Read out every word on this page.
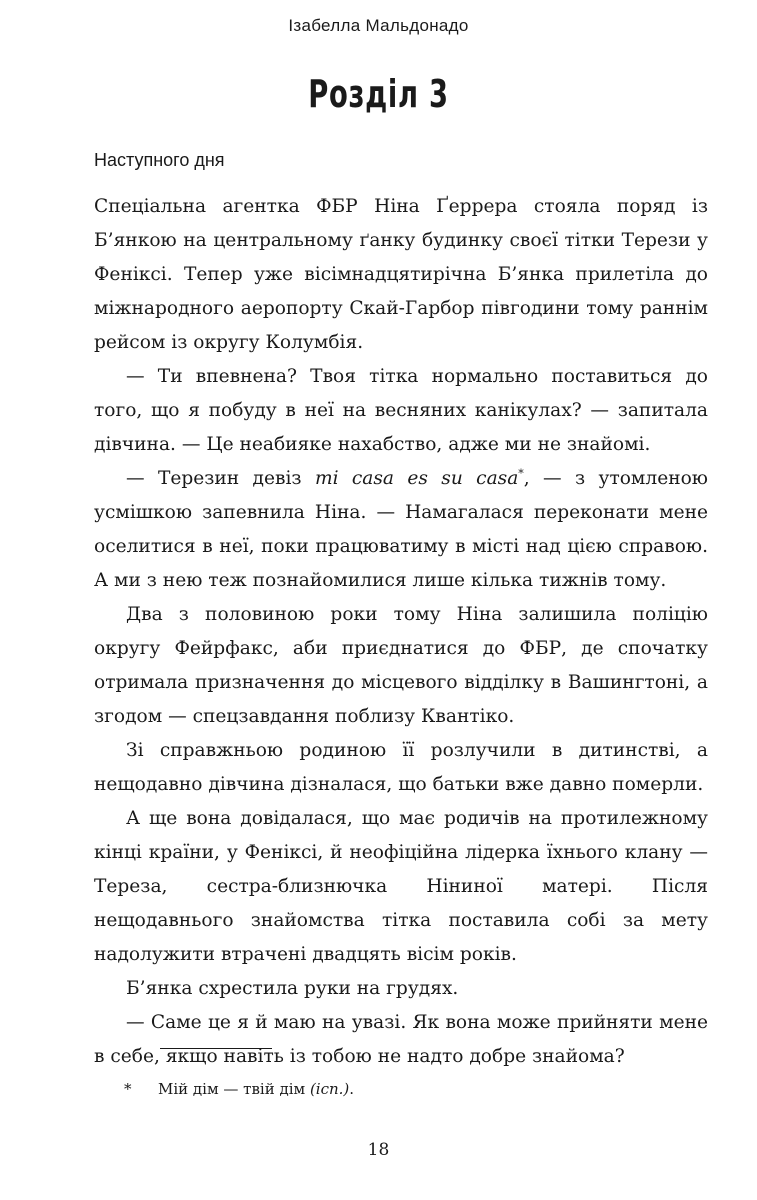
Ізабелла Мальдонадо
Розділ 3
Наступного дня

Спеціальна агентка ФБР Ніна Ґеррера стояла поряд із Б’янкою на центральному ґанку будинку своєї тітки Терези у Феніксі. Тепер уже вісімнадцятирічна Б’янка прилетіла до міжнародного аеропорту Скай-Гарбор півгодини тому раннім рейсом із округу Колумбія.

— Ти впевнена? Твоя тітка нормально поставиться до того, що я побуду в неї на весняних канікулах? — запитала дівчина. — Це неабияке нахабство, адже ми не знайомі.

— Терезин девіз mi casa es su casa*, — з утомленою усмішкою запевнила Ніна. — Намагалася переконати мене оселитися в неї, поки працюватиму в місті над цією справою. А ми з нею теж познайомилися лише кілька тижнів тому.

Два з половиною роки тому Ніна залишила поліцію округу Фейрфакс, аби приєднатися до ФБР, де спочатку отримала призначення до місцевого відділку в Вашингтоні, а згодом — спецзавдання поблизу Квантіко.

Зі справжньою родиною її розлучили в дитинстві, а нещодавно дівчина дізналася, що батьки вже давно померли.

А ще вона довідалася, що має родичів на протилежному кінці країни, у Феніксі, й неофіційна лідерка їхнього клану — Тереза, сестра-близнючка Ніниної матері. Після нещодавнього знайомства тітка поставила собі за мету надолужити втрачені двадцять вісім років.

Б’янка схрестила руки на грудях.

— Саме це я й маю на увазі. Як вона може прийняти мене в себе, якщо навіть із тобою не надто добре знайома?

* Мій дім — твій дім (ісп.).
18
